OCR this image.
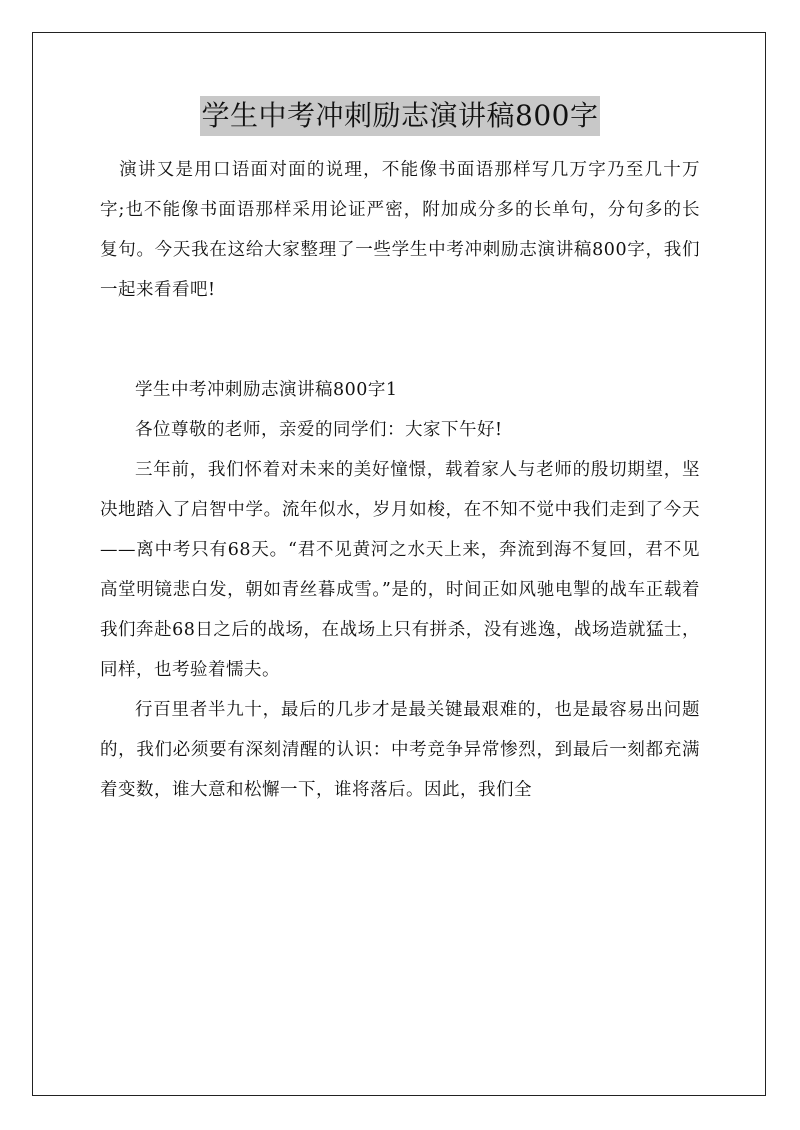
学生中考冲刺励志演讲稿800字

演讲又是用口语面对面的说理，不能像书面语那样写几万字乃至几十万字;也不能像书面语那样采用论证严密，附加成分多的长单句，分句多的长复句。今天我在这给大家整理了一些学生中考冲刺励志演讲稿800字，我们一起来看看吧!

学生中考冲刺励志演讲稿800字1

各位尊敬的老师，亲爱的同学们：大家下午好!

三年前，我们怀着对未来的美好憧憬，载着家人与老师的殷切期望，坚决地踏入了启智中学。流年似水，岁月如梭，在不知不觉中我们走到了今天——离中考只有68天。“君不见黄河之水天上来，奔流到海不复回，君不见高堂明镜悲白发，朝如青丝暮成雪。”是的，时间正如风驰电掣的战车正载着我们奔赴68日之后的战场，在战场上只有拼杀，没有逃逸，战场造就猛士，同样，也考验着懦夫。

行百里者半九十，最后的几步才是最关键最艰难的，也是最容易出问题的，我们必须要有深刻清醒的认识：中考竞争异常惨烈，到最后一刻都充满着变数，谁大意和松懈一下，谁将落后。因此，我们全
